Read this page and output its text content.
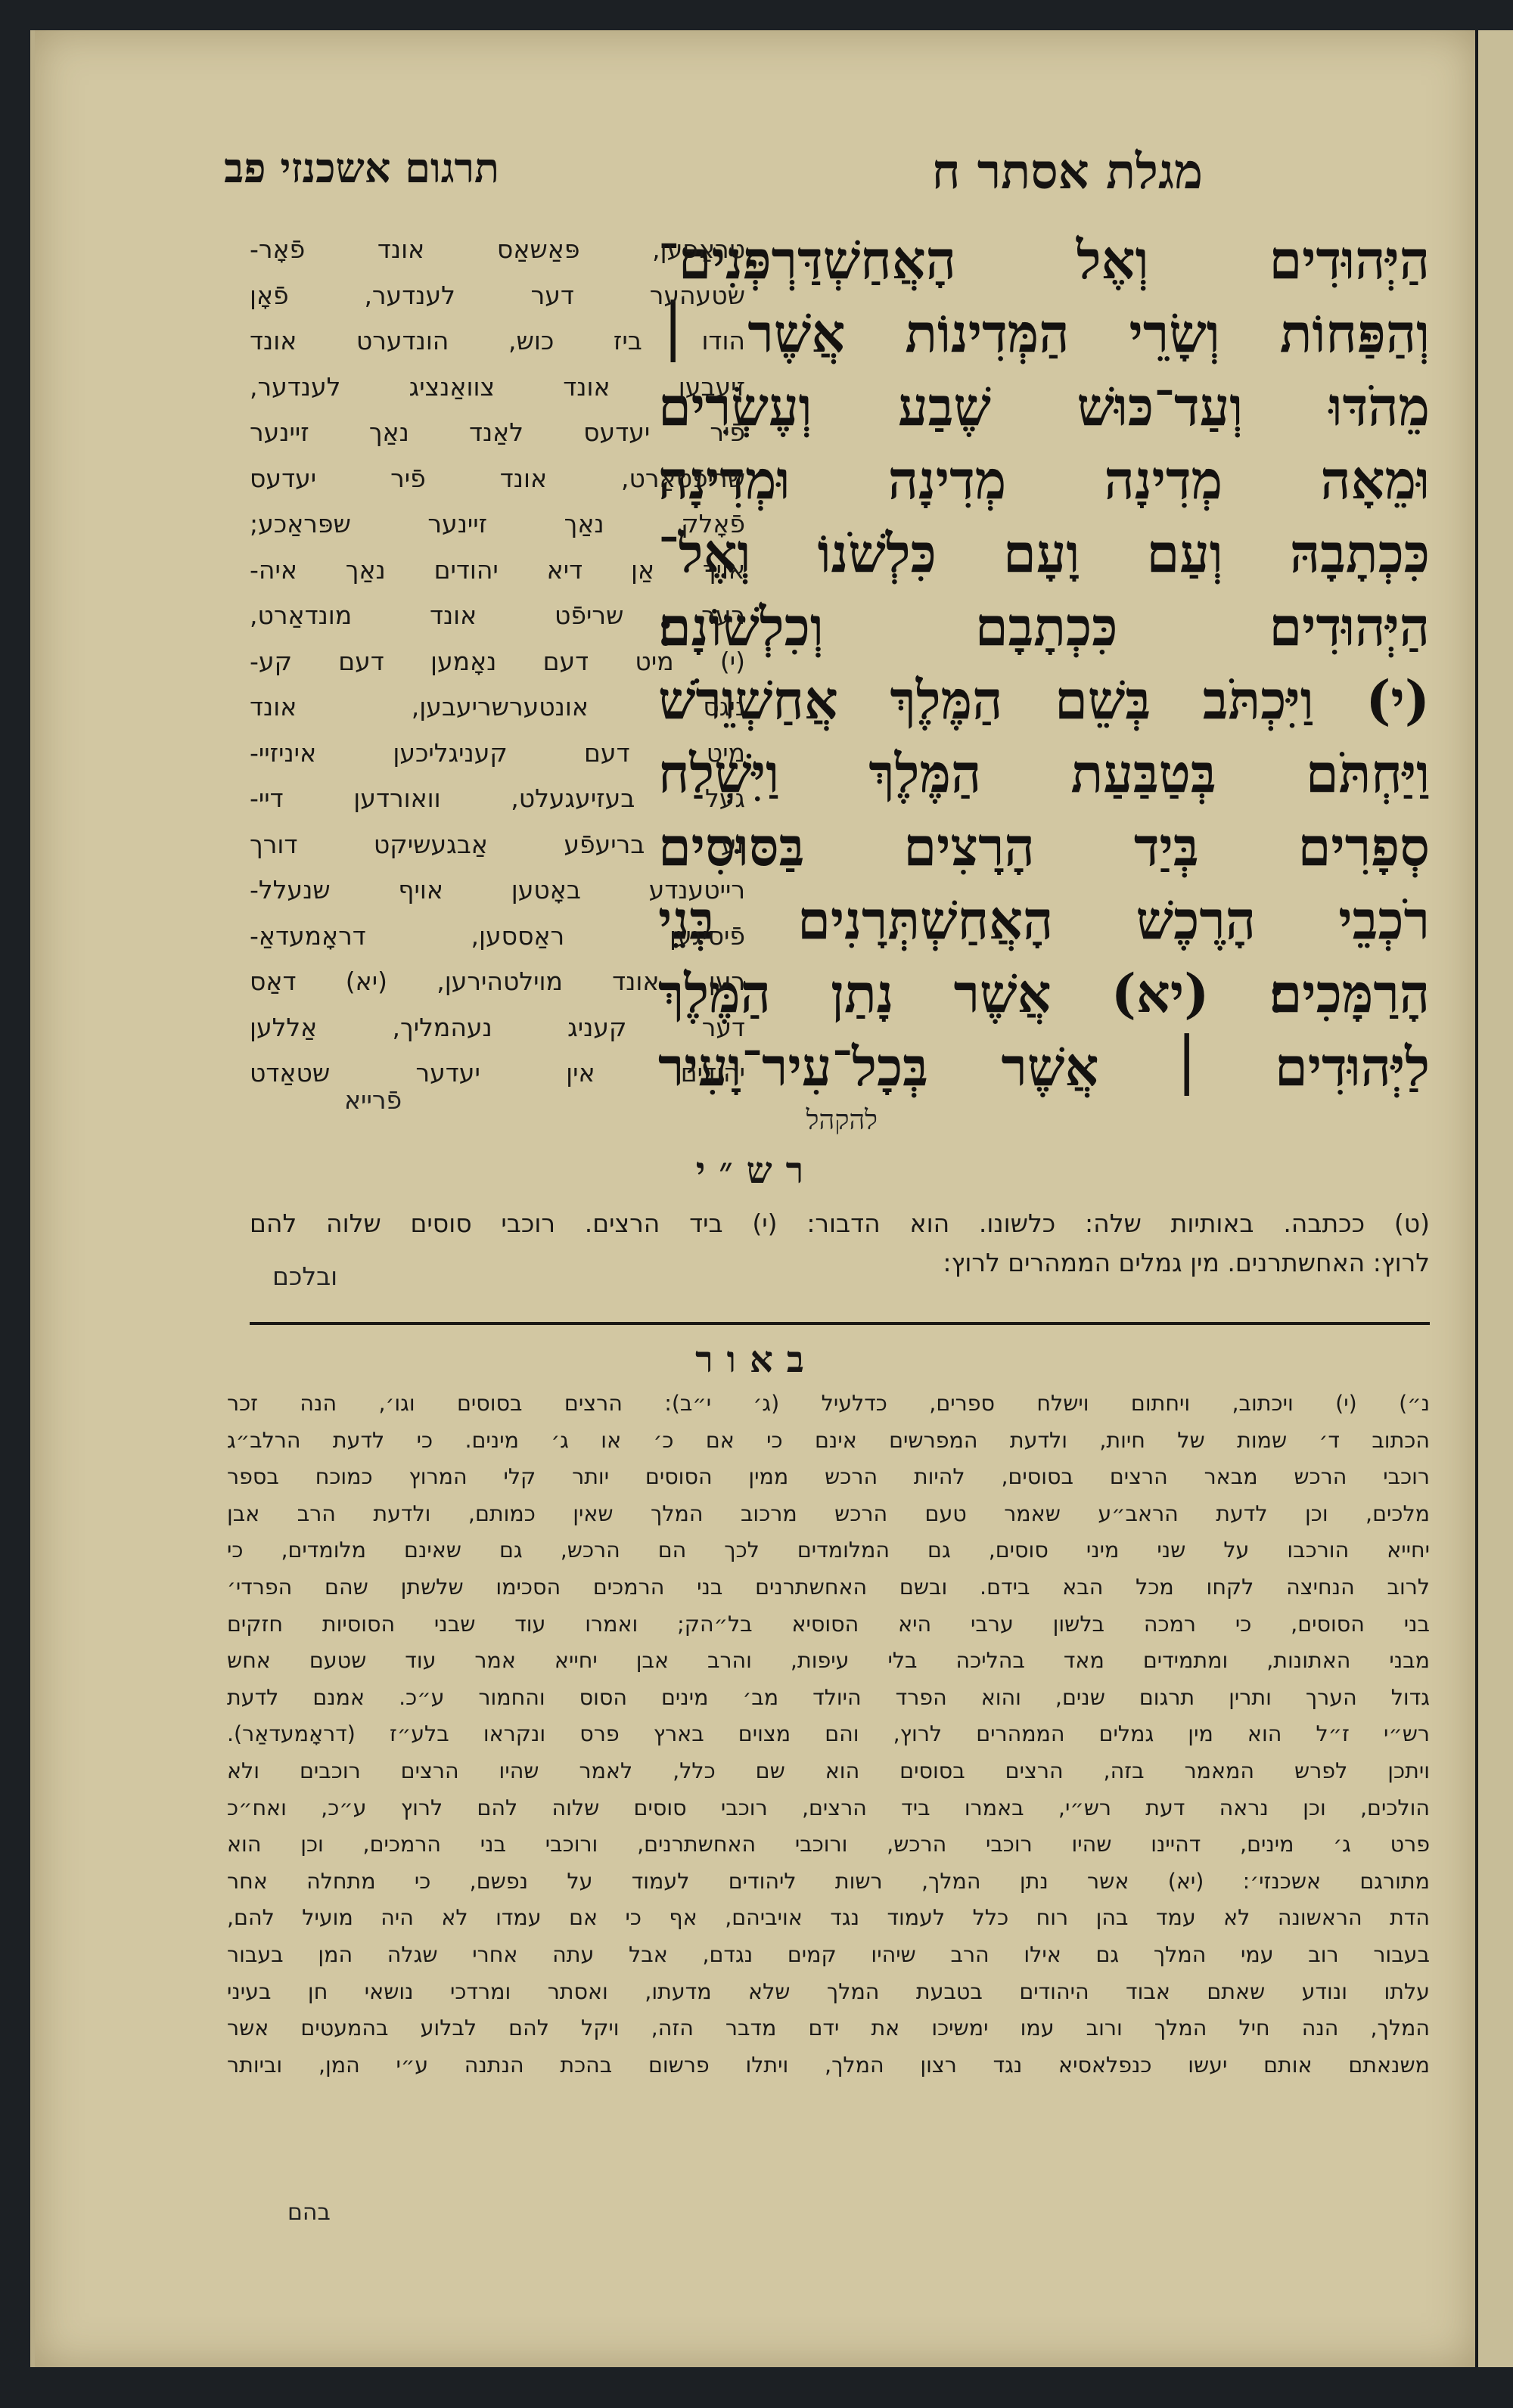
מגלת אסתר ח
תרגום אשכנזי פב
הַיְּהוּדִים וְאֶל הָאֲחַשְׁדַּרְפְּנִים־
וְהַפַּחוֹת וְשָׂרֵי הַמְּדִינוֹת אֲשֶׁר ׀
מֵהֹדּוּ וְעַד־כּוּשׁ שֶׁבַע וְעֶשְׂרִים
וּמֵאָה מְדִינָה מְדִינָה וּמְדִינָה
כִּכְתָבָהּ וְעַם וָעָם כִּלְשֹׁנוֹ וְאֶל־
הַיְּהוּדִים כִּכְתָבָם וְכִלְשׁוֹנָם׃
(י) וַיִּכְתֹּב בְּשֵׁם הַמֶּלֶךְ אֲחַשְׁוֵרֹשׁ
וַיַּחְתֹּם בְּטַבַּעַת הַמֶּלֶךְ וַיִּשְׁלַח
סְפָרִים בְּיַד הָרָצִים בַּסּוּסִים
רֹכְבֵי הָרֶכֶשׁ הָאֲחַשְׁתְּרָנִים בְּנֵי
הָרַמָּכִים׃ (יא) אֲשֶׁר נָתַן הַמֶּלֶךְ
לַיְּהוּדִים ׀ אֲשֶׁר בְּכָל־עִיר־וָעִיר
להקהל
טראַפּען, פּאַשאַס אונד פֿאָר-
שטעהער דער לענדער, פֿאָן
הודו ביז כוש, הונדערט אונד
זיעבען אונד צוואַנציג לענדער,
פֿיר יעדעס לאַנד נאַך זיינער
שריפֿטאַרט, אונד פֿיר יעדעס
פֿאָלק נאַך זיינער שפּראַכע;
אויך אַן דיא יהודים נאַך איה-
רער שריפֿט אונד מונדאַרט,
(י) מיט דעם נאָמען דעם קע-
ניגס אונטערשריעבען, אונד
מיט דעם קעניגליכען איניזיי-
געל בעזיעגעלט, וואורדען דיי-
זע בריעפֿע אַבגעשיקט דורך
רייטענדע באָטען אויף שנעלל-
פֿיסיגען ראַססען, דראָמעדאַ-
רען אונד מוילטהירען, (יא) דאַס
דער קעניג נעהמליך, אַללען
יהודים אין יעדער שטאַדט
פֿרייא
רש״י
(ט) ככתבה. באותיות שלה: כלשונו. הוא הדבור: (י) ביד הרצים. רוכבי סוסים שלוה להם
לרוץ: האחשתרנים. מין גמלים הממהרים לרוץ:
ובלכם
באור
נ״) (י) ויכתוב, ויחתום וישלח ספרים, כדלעיל (ג׳ י״ב): הרצים בסוסים וגו׳, הנה זכר
הכתוב ד׳ שמות של חיות, ולדעת המפרשים אינם כי אם כ׳ או ג׳ מינים. כי לדעת הרלב״ג
רוכבי הרכש מבאר הרצים בסוסים, להיות הרכש ממין הסוסים יותר קלי המרוץ כמוכח בספר
מלכים, וכן לדעת הראב״ע שאמר טעם הרכש מרכוב המלך שאין כמותם, ולדעת הרב אבן
יחייא הורכבו על שני מיני סוסים, גם המלומדים לכך הם הרכש, גם שאינם מלומדים, כי
לרוב הנחיצה לקחו מכל הבא בידם. ובשם האחשתרנים בני הרמכים הסכימו שלשתן שהם הפרדי׳
בני הסוסים, כי רמכה בלשון ערבי היא הסוסיא בל״הק; ואמרו עוד שבני הסוסיות חזקים
מבני האתונות, ומתמידים מאד בהליכה בלי עיפות, והרב אבן יחייא אמר עוד שטעם אחש
גדול הערך ותרין תרגום שנים, והוא הפרד היולד מב׳ מינים הסוס והחמור ע״כ. אמנם לדעת
רש״י ז״ל הוא מין גמלים הממהרים לרוץ, והם מצוים בארץ פרס ונקראו בלע״ז (דראָמעדאַר).
ויתכן לפרש המאמר בזה, הרצים בסוסים הוא שם כלל, לאמר שהיו הרצים רוכבים ולא
הולכים, וכן נראה דעת רש״י, באמרו ביד הרצים, רוכבי סוסים שלוה להם לרוץ ע״כ, ואח״כ
פרט ג׳ מינים, דהיינו שהיו רוכבי הרכש, ורוכבי האחשתרנים, ורוכבי בני הרמכים, וכן הוא
מתורגם אשכנזי׳: (יא) אשר נתן המלך, רשות ליהודים לעמוד על נפשם, כי מתחלה אחר
הדת הראשונה לא עמד בהן רוח כלל לעמוד נגד אויביהם, אף כי אם עמדו לא היה מועיל להם,
בעבור רוב עמי המלך גם אילו הרב שיהיו קמים נגדם, אבל עתה אחרי שגלה המן בעבור
עלתו ונודע שאתם אבוד היהודים בטבעת המלך שלא מדעתו, ואסתר ומרדכי נושאי חן בעיני
המלך, הנה חיל המלך ורוב עמו ימשיכו את ידם מדבר הזה, ויקל להם לבלוע בהמעטים אשר
משנאתם אותם יעשו כנפלאסיא נגד רצון המלך, ויתלו פרשום בהכת הנתנה ע״י המן, וביותר
בהם
